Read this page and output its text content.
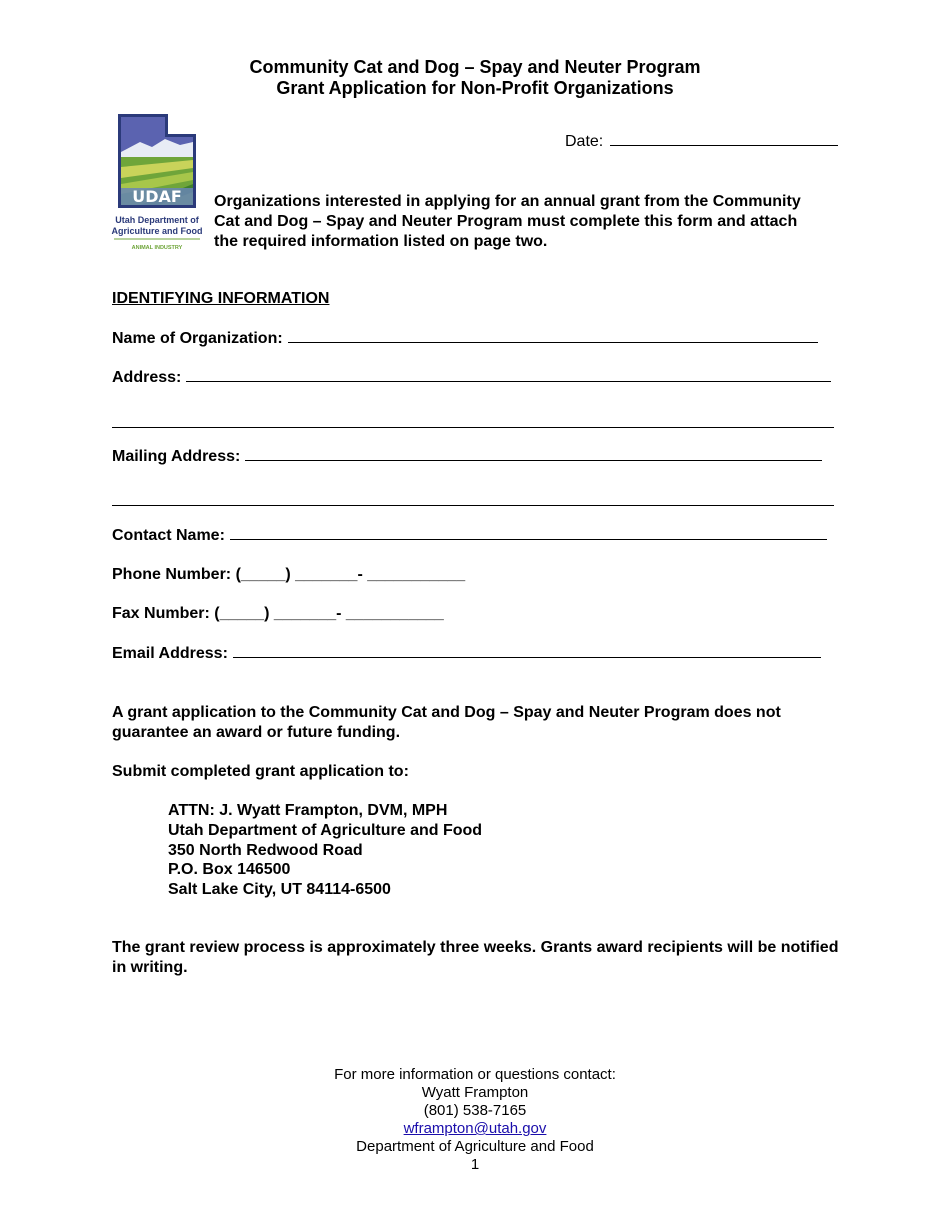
Community Cat and Dog – Spay and Neuter Program
Grant Application for Non-Profit Organizations
UDAF
Utah Department of
Agriculture and Food
ANIMAL INDUSTRY
Date:
Organizations interested in applying for an annual grant from the Community Cat and Dog – Spay and Neuter Program must complete this form and attach the required information listed on page two.
IDENTIFYING INFORMATION
Name of Organization:
Address:
Mailing Address:
Contact Name:
Phone Number: (_____) _______- ___________
Fax Number: (_____) _______- ___________
Email Address:
A grant application to the Community Cat and Dog – Spay and Neuter Program does not guarantee an award or future funding.
Submit completed grant application to:
ATTN: J. Wyatt Frampton, DVM, MPH
Utah Department of Agriculture and Food
350 North Redwood Road
P.O. Box 146500
Salt Lake City, UT 84114-6500
The grant review process is approximately three weeks. Grants award recipients will be notified in writing.
For more information or questions contact:
Wyatt Frampton
(801) 538-7165
wframpton@utah.gov
Department of Agriculture and Food
1
